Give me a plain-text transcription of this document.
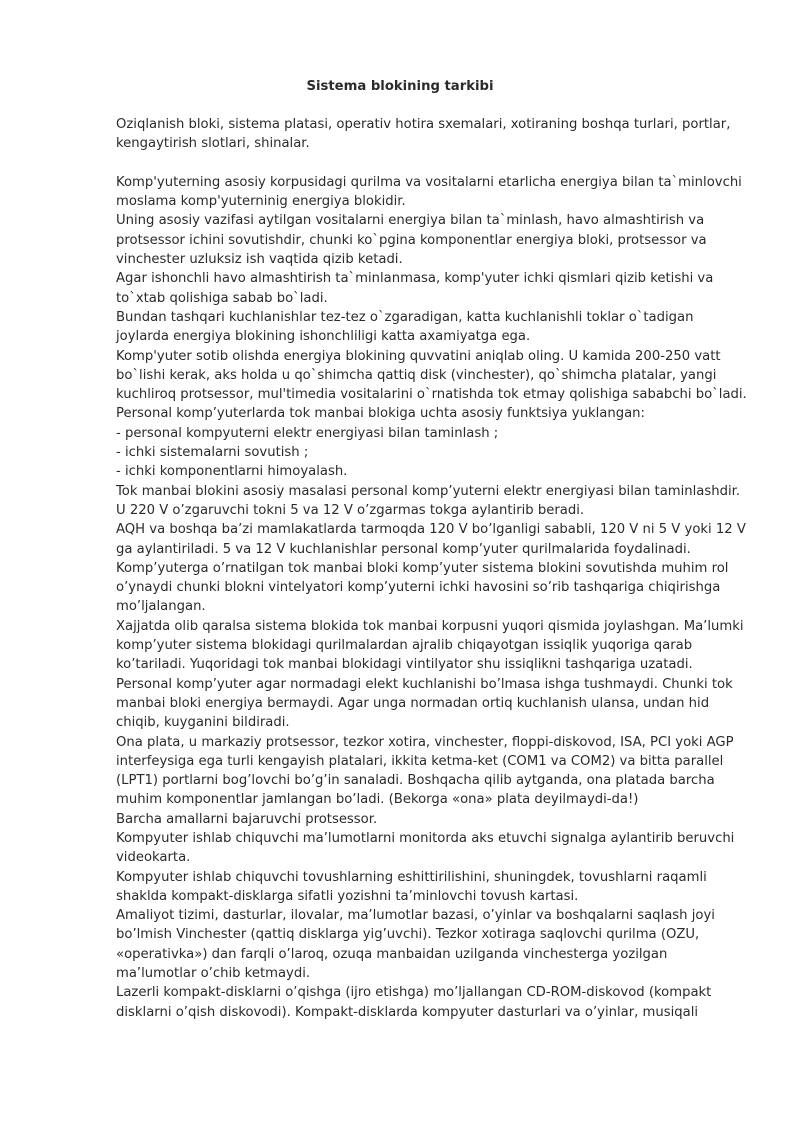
Sistema blokining tarkibi

Oziqlanish bloki, sistema platasi, operativ hotira sxemalari, xotiraning boshqa turlari, portlar, kengaytirish slotlari, shinalar.

Komp'yuterning asosiy korpusidagi qurilma va vositalarni etarlicha energiya bilan ta`minlovchi moslama komp'yuterninig energiya blokidir.

Uning asosiy vazifasi aytilgan vositalarni energiya bilan ta`minlash, havo almashtirish va protsessor ichini sovutishdir, chunki ko`pgina komponentlar energiya bloki, protsessor va vinchester uzluksiz ish vaqtida qizib ketadi.

Agar ishonchli havo almashtirish ta`minlanmasa, komp'yuter ichki qismlari qizib ketishi va to`xtab qolishiga sabab bo`ladi.

Bundan tashqari kuchlanishlar tez-tez o`zgaradigan, katta kuchlanishli toklar o`tadigan joylarda energiya blokining ishonchliligi katta axamiyatga ega.

Komp'yuter sotib olishda energiya blokining quvvatini aniqlab oling. U kamida 200-250 vatt bo`lishi kerak, aks holda u qo`shimcha qattiq disk (vinchester), qo`shimcha platalar, yangi kuchliroq protsessor, mul'timedia vositalarini o`rnatishda tok etmay qolishiga sababchi bo`ladi.

Personal komp’yuterlarda tok manbai blokiga uchta asosiy funktsiya yuklangan:

- personal kompyuterni elektr energiyasi bilan taminlash ;

- ichki sistemalarni sovutish ;

- ichki komponentlarni himoyalash.

Tok manbai blokini asosiy masalasi personal komp’yuterni elektr energiyasi bilan taminlashdir. U 220 V o’zgaruvchi tokni 5 va 12 V o’zgarmas tokga aylantirib beradi.

AQH va boshqa ba’zi mamlakatlarda tarmoqda 120 V bo’lganligi sababli, 120 V ni 5 V yoki 12 V ga aylantiriladi. 5 va 12 V kuchlanishlar personal komp’yuter qurilmalarida foydalinadi.

Komp’yuterga o’rnatilgan tok manbai bloki komp’yuter sistema blokini sovutishda muhim rol o’ynaydi chunki blokni vintelyatori komp’yuterni ichki havosini so’rib tashqariga chiqirishga mo’ljalangan.

Xajjatda olib qaralsa sistema blokida tok manbai korpusni yuqori qismida joylashgan. Ma’lumki komp’yuter sistema blokidagi qurilmalardan ajralib chiqayotgan issiqlik yuqoriga qarab ko’tariladi. Yuqoridagi tok manbai blokidagi vintilyator shu issiqlikni tashqariga uzatadi.

Personal komp’yuter agar normadagi elekt kuchlanishi bo’lmasa ishga tushmaydi. Chunki tok manbai bloki energiya bermaydi. Agar unga normadan ortiq kuchlanish ulansa, undan hid chiqib, kuyganini bildiradi.

Ona plata, u markaziy protsessor, tezkor xotira, vinchester, floppi-diskovod, ISA, PCI yoki AGP interfeysiga ega turli kengayish platalari, ikkita ketma-ket (COM1 va COM2) va bitta parallel (LPT1) portlarni bog’lovchi bo’g’in sanaladi. Boshqacha qilib aytganda, ona platada barcha muhim komponentlar jamlangan bo’ladi. (Bekorga «ona» plata deyilmaydi-da!)

Barcha amallarni bajaruvchi protsessor.

Kompyuter ishlab chiquvchi ma’lumotlarni monitorda aks etuvchi signalga aylantirib beruvchi videokarta.

Kompyuter ishlab chiquvchi tovushlarning eshittirilishini, shuningdek, tovushlarni raqamli shaklda kompakt-disklarga sifatli yozishni ta’minlovchi tovush kartasi.

Amaliyot tizimi, dasturlar, ilovalar, ma’lumotlar bazasi, o’yinlar va boshqalarni saqlash joyi bo’lmish Vinchester (qattiq disklarga yig’uvchi). Tezkor xotiraga saqlovchi qurilma (OZU, «operativka») dan farqli o’laroq, ozuqa manbaidan uzilganda vinchesterga yozilgan ma’lumotlar o’chib ketmaydi.

Lazerli kompakt-disklarni o’qishga (ijro etishga) mo’ljallangan CD-ROM-diskovod (kompakt disklarni o’qish diskovodi). Kompakt-disklarda kompyuter dasturlari va o’yinlar, musiqali
